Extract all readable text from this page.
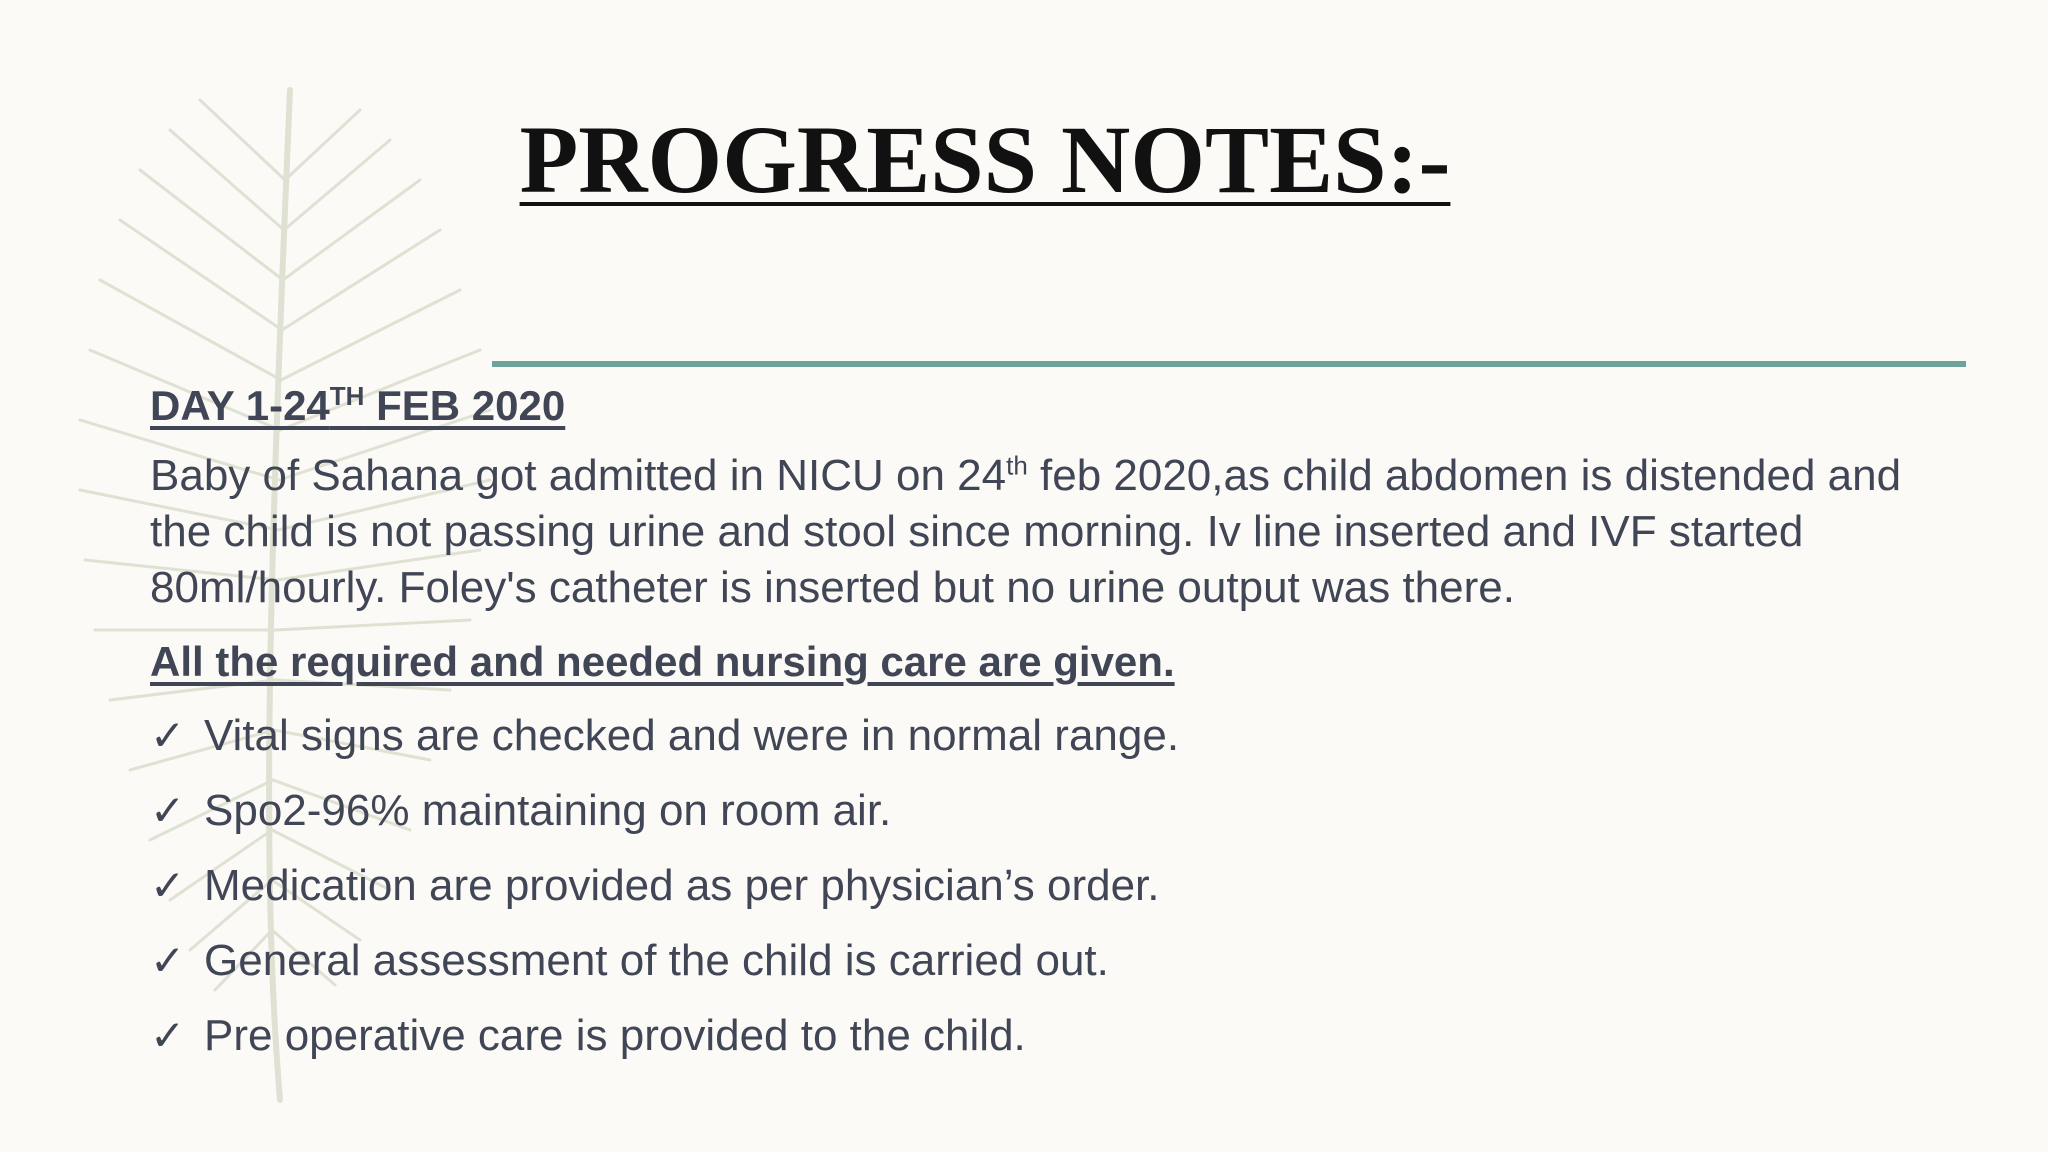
PROGRESS NOTES:-

DAY 1-24TH FEB 2020

Baby of Sahana got admitted in NICU on 24th feb 2020,as child abdomen is distended and the child is not passing urine and stool since morning. Iv line inserted and IVF started 80ml/hourly. Foley's catheter is inserted but no urine output was there.

All the required and needed nursing care are given.

✓ Vital signs are checked and were in normal range.
✓ Spo2-96% maintaining on room air.
✓ Medication are provided as per physician’s order.
✓ General assessment of the child is carried out.
✓ Pre operative care is provided to the child.
